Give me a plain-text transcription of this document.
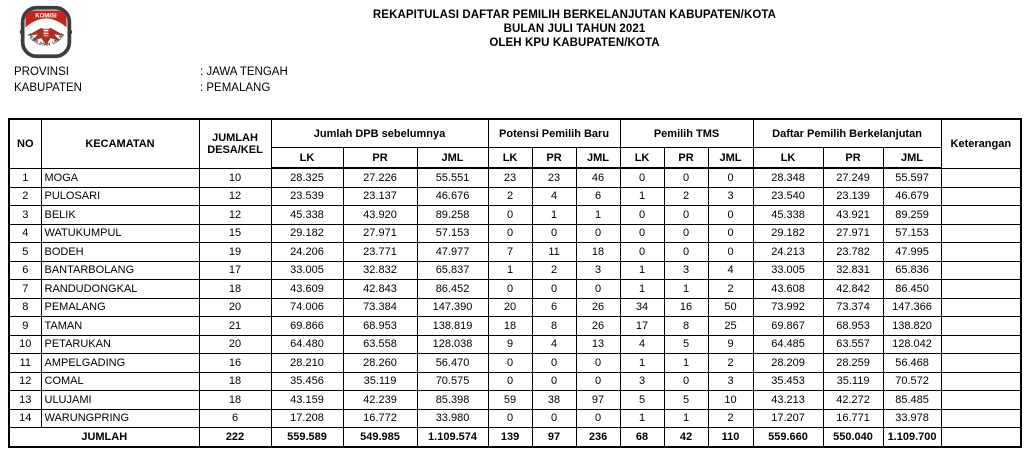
KOMISI
PEMILIHAN  UMUM
REKAPITULASI DAFTAR PEMILIH BERKELANJUTAN KABUPATEN/KOTA
BULAN JULI TAHUN 2021
OLEH KPU KABUPATEN/KOTA
PROVINSI	: JAWA TENGAH
KABUPATEN	: PEMALANG
NO	KECAMATAN	JUMLAH DESA/KEL	Jumlah DPB sebelumnya			Potensi Pemilih Baru			Pemilih TMS			Daftar Pemilih Berkelanjutan			Keterangan
			LK	PR	JML	LK	PR	JML	LK	PR	JML	LK	PR	JML	
1	MOGA	10	28.325	27.226	55.551	23	23	46	0	0	0	28.348	27.249	55.597	
2	PULOSARI	12	23.539	23.137	46.676	2	4	6	1	2	3	23.540	23.139	46.679	
3	BELIK	12	45.338	43.920	89.258	0	1	1	0	0	0	45.338	43.921	89.259	
4	WATUKUMPUL	15	29.182	27.971	57.153	0	0	0	0	0	0	29.182	27.971	57.153	
5	BODEH	19	24.206	23.771	47.977	7	11	18	0	0	0	24.213	23.782	47.995	
6	BANTARBOLANG	17	33.005	32.832	65.837	1	2	3	1	3	4	33.005	32.831	65.836	
7	RANDUDONGKAL	18	43.609	42.843	86.452	0	0	0	1	1	2	43.608	42.842	86.450	
8	PEMALANG	20	74.006	73.384	147.390	20	6	26	34	16	50	73.992	73.374	147.366	
9	TAMAN	21	69.866	68.953	138.819	18	8	26	17	8	25	69.867	68.953	138.820	
10	PETARUKAN	20	64.480	63.558	128.038	9	4	13	4	5	9	64.485	63.557	128.042	
11	AMPELGADING	16	28.210	28.260	56.470	0	0	0	1	1	2	28.209	28.259	56.468	
12	COMAL	18	35.456	35.119	70.575	0	0	0	3	0	3	35.453	35.119	70.572	
13	ULUJAMI	18	43.159	42.239	85.398	59	38	97	5	5	10	43.213	42.272	85.485	
14	WARUNGPRING	6	17.208	16.772	33.980	0	0	0	1	1	2	17.207	16.771	33.978	
JUMLAH		222	559.589	549.985	1.109.574	139	97	236	68	42	110	559.660	550.040	1.109.700	
